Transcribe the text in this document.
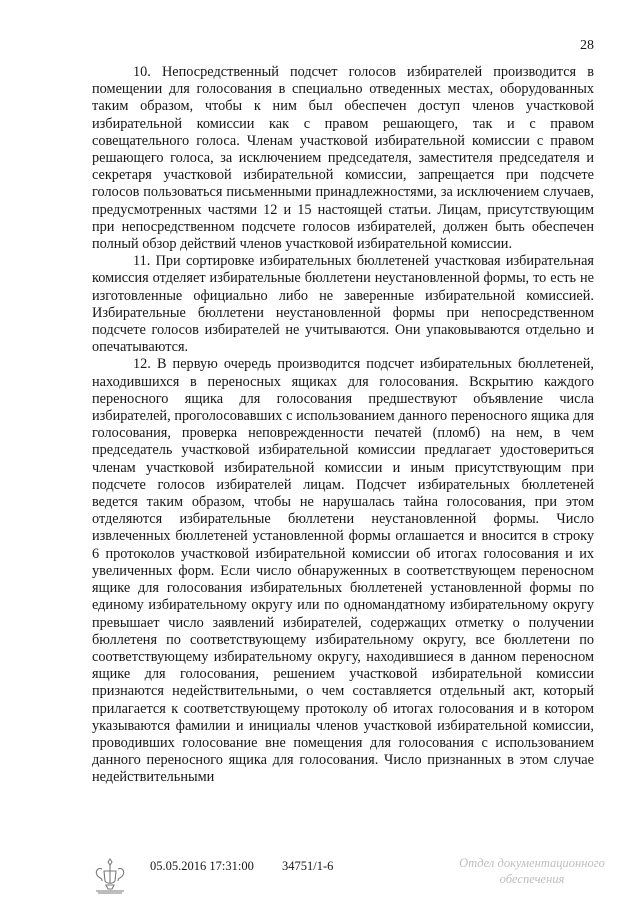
28

10. Непосредственный подсчет голосов избирателей производится в помещении для голосования в специально отведенных местах, оборудованных таким образом, чтобы к ним был обеспечен доступ членов участковой избирательной комиссии как с правом решающего, так и с правом совещательного голоса. Членам участковой избирательной комиссии с правом решающего голоса, за исключением председателя, заместителя председателя и секретаря участковой избирательной комиссии, запрещается при подсчете голосов пользоваться письменными принадлежностями, за исключением случаев, предусмотренных частями 12 и 15 настоящей статьи. Лицам, присутствующим при непосредственном подсчете голосов избирателей, должен быть обеспечен полный обзор действий членов участковой избирательной комиссии.

11. При сортировке избирательных бюллетеней участковая избирательная комиссия отделяет избирательные бюллетени неустановленной формы, то есть не изготовленные официально либо не заверенные избирательной комиссией. Избирательные бюллетени неустановленной формы при непосредственном подсчете голосов избирателей не учитываются. Они упаковываются отдельно и опечатываются.

12. В первую очередь производится подсчет избирательных бюллетеней, находившихся в переносных ящиках для голосования. Вскрытию каждого переносного ящика для голосования предшествуют объявление числа избирателей, проголосовавших с использованием данного переносного ящика для голосования, проверка неповрежденности печатей (пломб) на нем, в чем председатель участковой избирательной комиссии предлагает удостовериться членам участковой избирательной комиссии и иным присутствующим при подсчете голосов избирателей лицам. Подсчет избирательных бюллетеней ведется таким образом, чтобы не нарушалась тайна голосования, при этом отделяются избирательные бюллетени неустановленной формы. Число извлеченных бюллетеней установленной формы оглашается и вносится в строку 6 протоколов участковой избирательной комиссии об итогах голосования и их увеличенных форм. Если число обнаруженных в соответствующем переносном ящике для голосования избирательных бюллетеней установленной формы по единому избирательному округу или по одномандатному избирательному округу превышает число заявлений избирателей, содержащих отметку о получении бюллетеня по соответствующему избирательному округу, все бюллетени по соответствующему избирательному округу, находившиеся в данном переносном ящике для голосования, решением участковой избирательной комиссии признаются недействительными, о чем составляется отдельный акт, который прилагается к соответствующему протоколу об итогах голосования и в котором указываются фамилии и инициалы членов участковой избирательной комиссии, проводивших голосование вне помещения для голосования с использованием данного переносного ящика для голосования. Число признанных в этом случае недействительными

05.05.2016 17:31:00 34751/1-6	Отдел документационного
обеспечения
